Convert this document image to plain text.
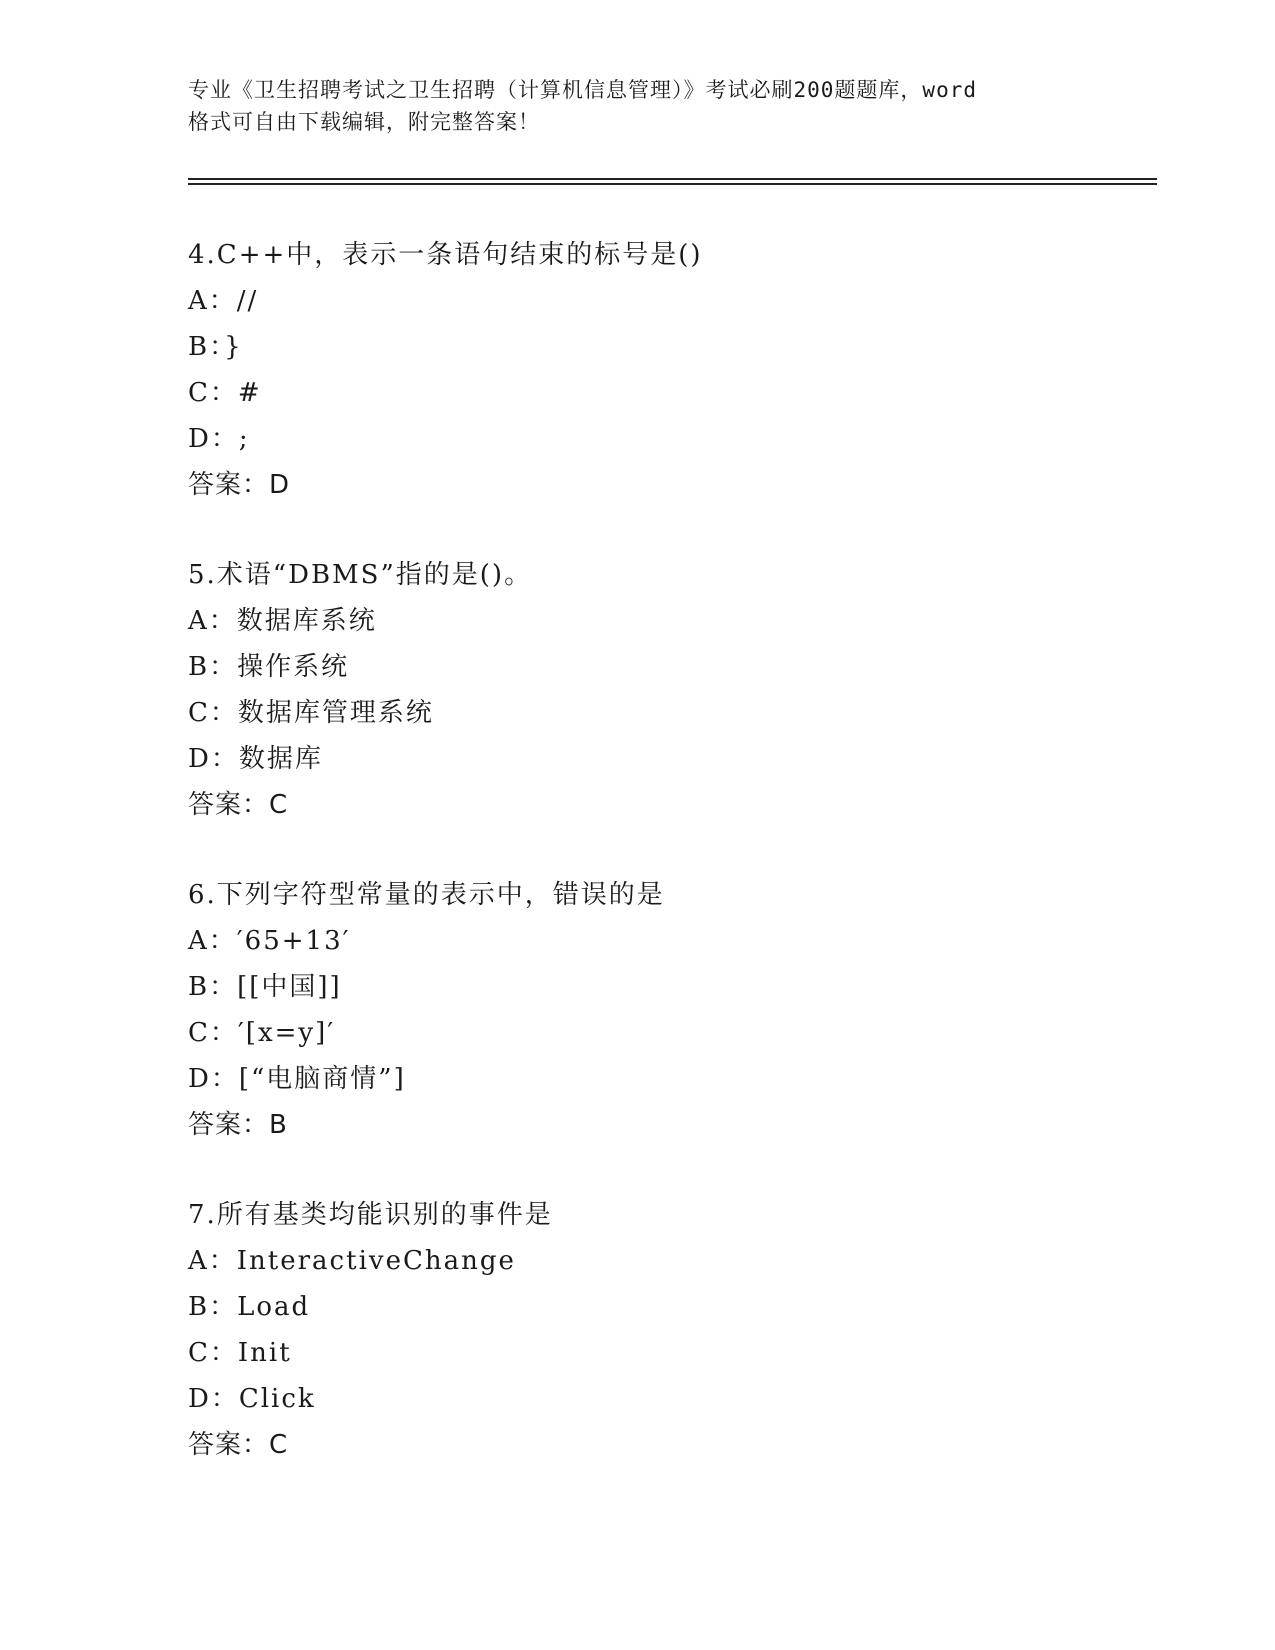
专业《卫生招聘考试之卫生招聘（计算机信息管理）》考试必刷200题题库，word
格式可自由下载编辑，附完整答案！
4.C++中，表示一条语句结束的标号是()
A：//
B：}
C：#
D：;
答案：D
5.术语“DBMS”指的是()。
A：数据库系统
B：操作系统
C：数据库管理系统
D：数据库
答案：C
6.下列字符型常量的表示中，错误的是
A：′65+13′
B：[[中国]]
C：′[x=y]′
D：[“电脑商情”]
答案：B
7.所有基类均能识别的事件是
A：InteractiveChange
B：Load
C：Init
D：Click
答案：C
